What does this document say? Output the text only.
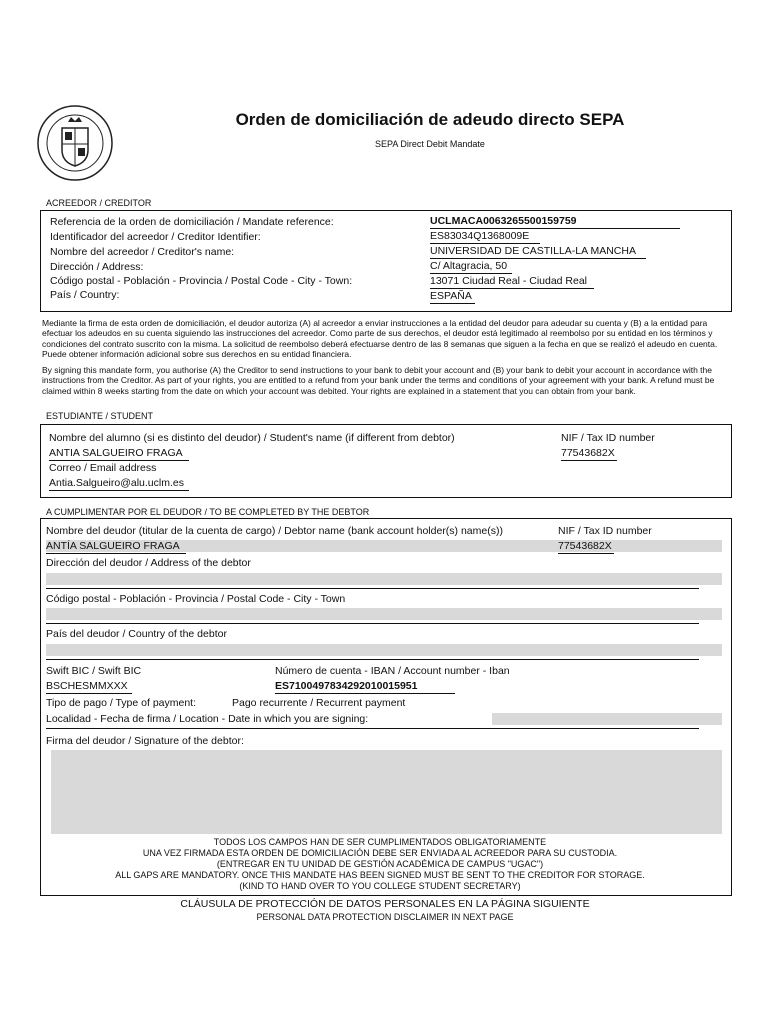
Orden de domiciliación de adeudo directo SEPA
SEPA Direct Debit Mandate
ACREEDOR / CREDITOR
Referencia de la orden de domiciliación / Mandate reference:	UCLMACA0063265500159759
Identificador del acreedor / Creditor Identifier:	ES83034Q1368009E
Nombre del acreedor / Creditor's name:	UNIVERSIDAD DE CASTILLA-LA MANCHA
Dirección / Address:	C/ Altagracia, 50
Código postal - Población - Provincia / Postal Code - City - Town:	13071 Ciudad Real - Ciudad Real
País / Country:	ESPAÑA
Mediante la firma de esta orden de domiciliación, el deudor autoriza (A) al acreedor a enviar instrucciones a la entidad del deudor para adeudar su cuenta y (B) a la entidad para efectuar los adeudos en su cuenta siguiendo las instrucciones del acreedor. Como parte de sus derechos, el deudor está legitimado al reembolso por su entidad en los términos y condiciones del contrato suscrito con la misma. La solicitud de reembolso deberá efectuarse dentro de las 8 semanas que siguen a la fecha en que se realizó el adeudo en cuenta. Puede obtener información adicional sobre sus derechos en su entidad financiera.
By signing this mandate form, you authorise (A) the Creditor to send instructions to your bank to debit your account and (B) your bank to debit your account in accordance with the instructions from the Creditor. As part of your rights, you are entitled to a refund from your bank under the terms and conditions of your agreement with your bank. A refund must be claimed within 8 weeks starting from the date on which your account was debited. Your rights are explained in a statement that you can obtain from your bank.
ESTUDIANTE / STUDENT
Nombre del alumno (si es distinto del deudor) / Student's name (if different from debtor)
ANTIA SALGUEIRO FRAGA
NIF / Tax ID number
77543682X
Correo / Email address
Antia.Salgueiro@alu.uclm.es
A CUMPLIMENTAR POR EL DEUDOR / TO BE COMPLETED BY THE DEBTOR
Nombre del deudor (titular de la cuenta de cargo) / Debtor name (bank account holder(s) name(s))
ANTÍA SALGUEIRO FRAGA
NIF / Tax ID number
77543682X
Dirección del deudor / Address of the debtor
Código postal - Población - Provincia / Postal Code - City - Town
País del deudor / Country of the debtor
Swift BIC / Swift BIC
BSCHESMMXXX
Número de cuenta - IBAN / Account number - Iban
ES7100497834292010015951
Tipo de pago / Type of payment:	Pago recurrente / Recurrent payment
Localidad - Fecha de firma / Location - Date in which you are signing:
Firma del deudor / Signature of the debtor:
TODOS LOS CAMPOS HAN DE SER CUMPLIMENTADOS OBLIGATORIAMENTE
UNA VEZ FIRMADA ESTA ORDEN DE DOMICILIACIÓN DEBE SER ENVIADA AL ACREEDOR PARA SU CUSTODIA.
(ENTREGAR EN TU UNIDAD DE GESTIÓN ACADÉMICA DE CAMPUS "UGAC")
ALL GAPS ARE MANDATORY. ONCE THIS MANDATE HAS BEEN SIGNED MUST BE SENT TO THE CREDITOR FOR STORAGE.
(KIND TO HAND OVER TO YOU COLLEGE STUDENT SECRETARY)
CLÁUSULA DE PROTECCIÓN DE DATOS PERSONALES EN LA PÁGINA SIGUIENTE
PERSONAL DATA PROTECTION DISCLAIMER IN NEXT PAGE
